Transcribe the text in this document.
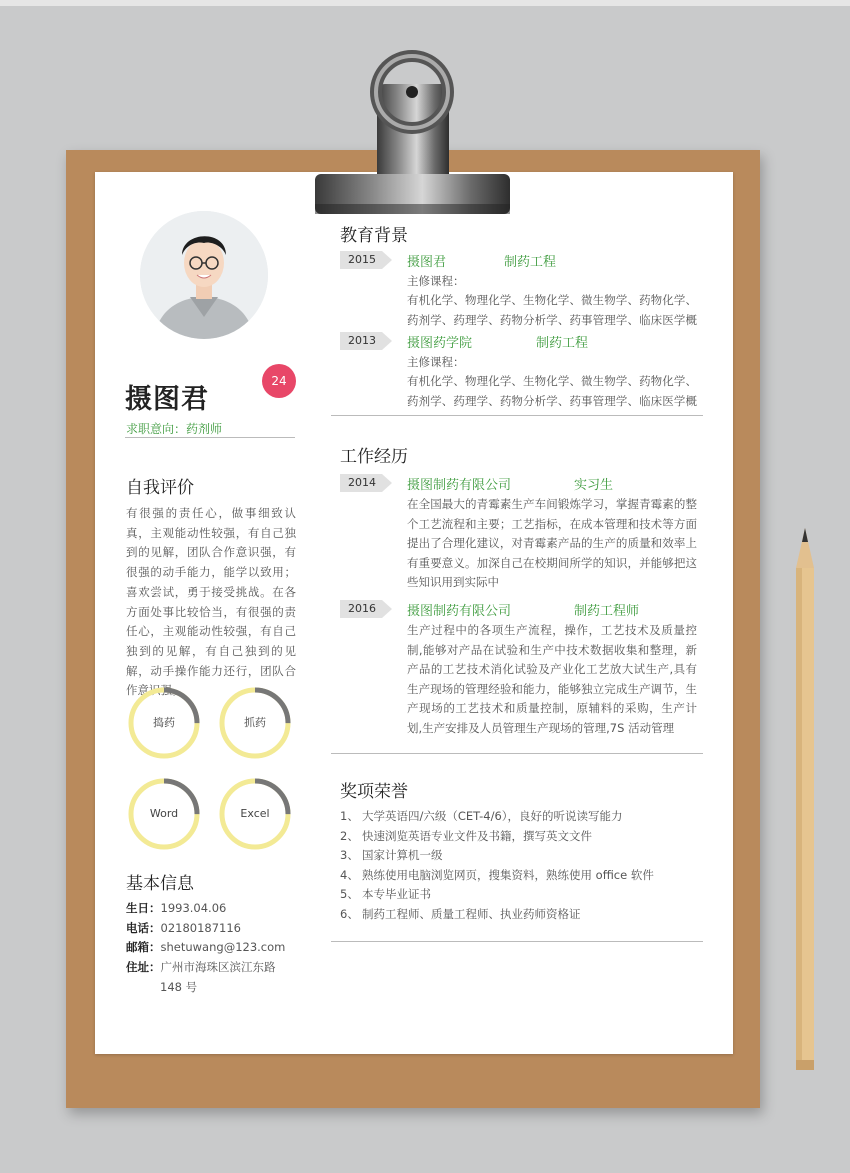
摄图君
24
求职意向：药剂师
自我评价
有很强的责任心，做事细致认真，主观能动性较强，有自己独到的见解，团队合作意识强，有很强的动手能力，能学以致用；喜欢尝试，勇于接受挑战。在各方面处事比较恰当，有很强的责任心，主观能动性较强，有自己独到的见解，有自己独到的见解，动手操作能力还行，团队合作意识强。
捣药	抓药
Word	Excel
基本信息
生日：1993.04.06
电话：02180187116
邮箱：shetuwang@123.com
住址：广州市海珠区滨江东路
148 号
教育背景
2015	摄图君	制药工程
主修课程：
有机化学、物理化学、生物化学、微生物学、药物化学、药剂学、药理学、药物分析学、药事管理学、临床医学概
2013	摄图药学院	制药工程
主修课程：
有机化学、物理化学、生物化学、微生物学、药物化学、药剂学、药理学、药物分析学、药事管理学、临床医学概
工作经历
2014	摄图制药有限公司	实习生
在全国最大的青霉素生产车间锻炼学习，掌握青霉素的整个工艺流程和主要；工艺指标，在成本管理和技术等方面提出了合理化建议，对青霉素产品的生产的质量和效率上有重要意义。加深自己在校期间所学的知识，并能够把这些知识用到实际中
2016	摄图制药有限公司	制药工程师
生产过程中的各项生产流程，操作，工艺技术及质量控制,能够对产品在试验和生产中技术数据收集和整理，新产品的工艺技术消化试验及产业化工艺放大试生产,具有生产现场的管理经验和能力，能够独立完成生产调节，生产现场的工艺技术和质量控制，原辅料的采购，生产计划,生产安排及人员管理生产现场的管理,7S 活动管理
奖项荣誉
1、 大学英语四/六级（CET-4/6），良好的听说读写能力
2、 快速浏览英语专业文件及书籍，撰写英文文件
3、 国家计算机一级
4、 熟练使用电脑浏览网页，搜集资料，熟练使用 office 软件
5、 本专毕业证书
6、 制药工程师、质量工程师、执业药师资格证
